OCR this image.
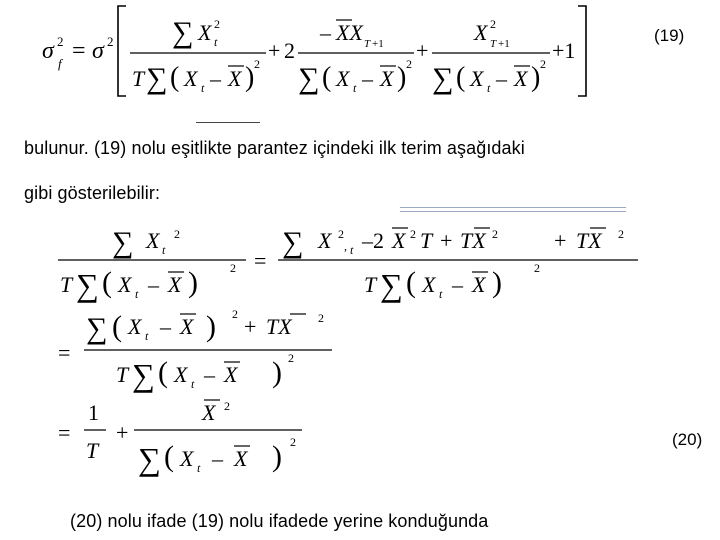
σ 2
f = σ 2 ∑ X 2
t
T ∑ ( X t – X ) 2
+ 2
– XX T +1
∑ ( X t – X ) 2
+
X 2
T +1
∑ ( X t – X ) 2
+1
(19)
bulunur. (19) nolu eşitlikte parantez içindeki ilk terim aşağıdaki
gibi gösterilebilir:
∑ X t
2
T ∑ ( X t – X )	2 =
∑ X 2
, t –2 X 2 T + TX 2	+ TX 2
T ∑ ( X t – X )	2
=
∑ ( X t – X ) 2 + TX 2
T ∑ ( X t – X ) 2
=
1
T
+
X 2
∑ ( X t – X ) 2	(20)
(20) nolu ifade (19) nolu ifadede yerine konduğunda
